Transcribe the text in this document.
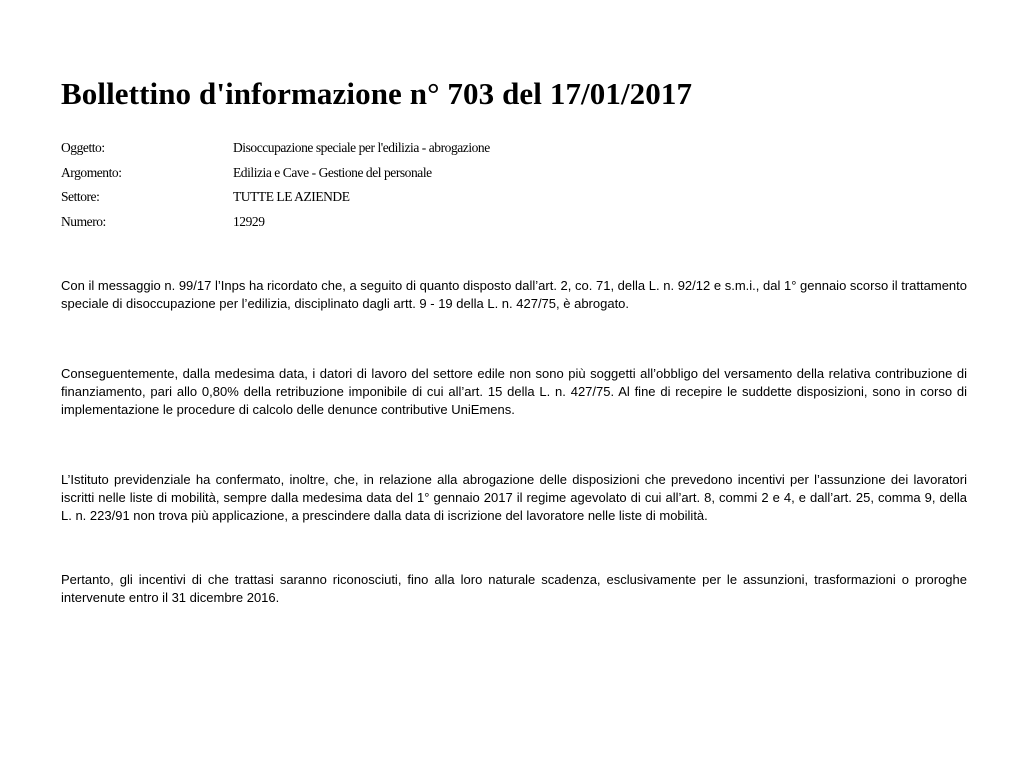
Bollettino d'informazione n° 703 del 17/01/2017
Oggetto:	Disoccupazione speciale per l'edilizia - abrogazione
Argomento:	Edilizia e Cave - Gestione del personale
Settore:	TUTTE LE AZIENDE
Numero:	12929

Con il messaggio n. 99/17 l’Inps ha ricordato che, a seguito di quanto disposto dall’art. 2, co. 71, della L. n. 92/12 e s.m.i., dal 1° gennaio scorso il trattamento speciale di disoccupazione per l’edilizia, disciplinato dagli artt. 9 - 19 della L. n. 427/75, è abrogato.

Conseguentemente, dalla medesima data, i datori di lavoro del settore edile non sono più soggetti all’obbligo del versamento della relativa contribuzione di finanziamento, pari allo 0,80% della retribuzione imponibile di cui all’art. 15 della L. n. 427/75. Al fine di recepire le suddette disposizioni, sono in corso di implementazione le procedure di calcolo delle denunce contributive UniEmens.

L’Istituto previdenziale ha confermato, inoltre, che, in relazione alla abrogazione delle disposizioni che prevedono incentivi per l’assunzione dei lavoratori iscritti nelle liste di mobilità, sempre dalla medesima data del 1° gennaio 2017 il regime agevolato di cui all’art. 8, commi 2 e 4, e dall’art. 25, comma 9, della L. n. 223/91 non trova più applicazione, a prescindere dalla data di iscrizione del lavoratore nelle liste di mobilità.

Pertanto, gli incentivi di che trattasi saranno riconosciuti, fino alla loro naturale scadenza, esclusivamente per le assunzioni, trasformazioni o proroghe intervenute entro il 31 dicembre 2016.
